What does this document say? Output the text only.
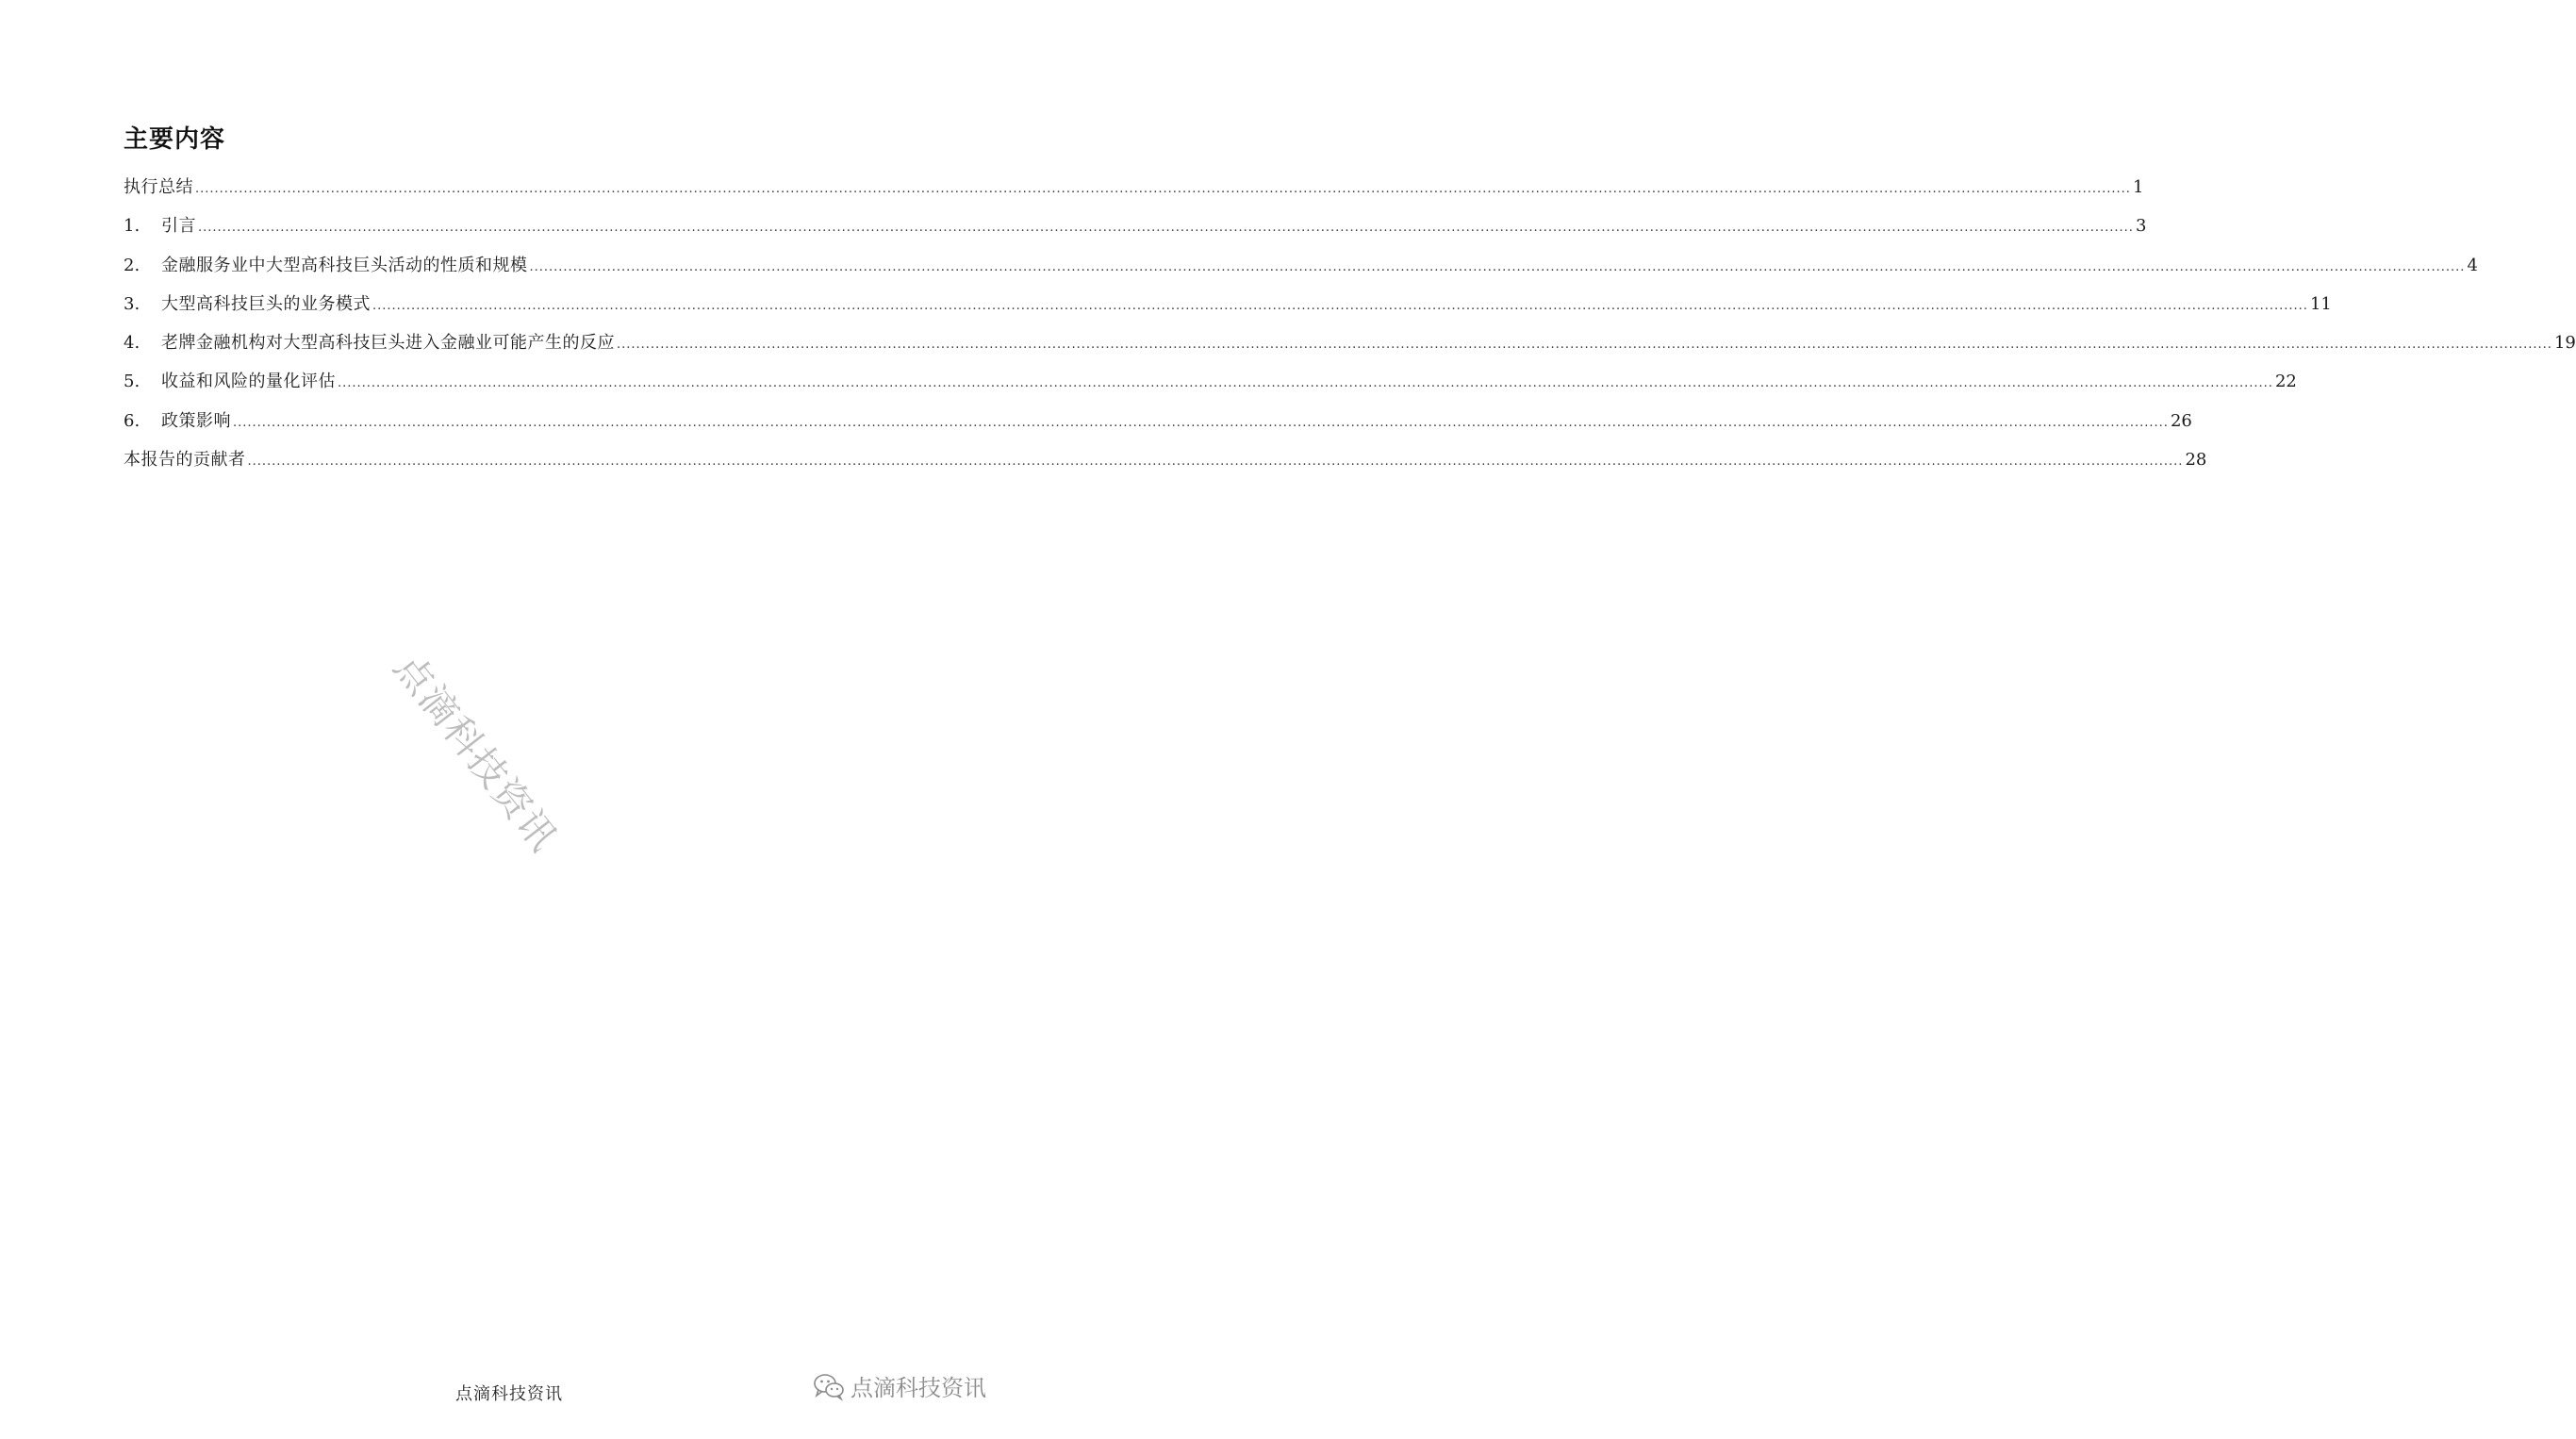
主要内容
执行总结 ................................................................................................................................................................................................................................................................................................................................................................................................................ 1
1.	引言 ................................................................................................................................................................................................................................................................................................................................................................................................................ 3
2.	金融服务业中大型高科技巨头活动的性质和规模 ................................................................................................................................................................................................................................................................................................................................................................................................................ 4
3.	大型高科技巨头的业务模式 ................................................................................................................................................................................................................................................................................................................................................................................................................ 11
4.	老牌金融机构对大型高科技巨头进入金融业可能产生的反应 ................................................................................................................................................................................................................................................................................................................................................................................................................ 19
5.	收益和风险的量化评估 ................................................................................................................................................................................................................................................................................................................................................................................................................ 22
6.	政策影响 ................................................................................................................................................................................................................................................................................................................................................................................................................ 26
本报告的贡献者 ................................................................................................................................................................................................................................................................................................................................................................................................................ 28
点滴科技资讯
点滴科技资讯	点滴科技资讯
